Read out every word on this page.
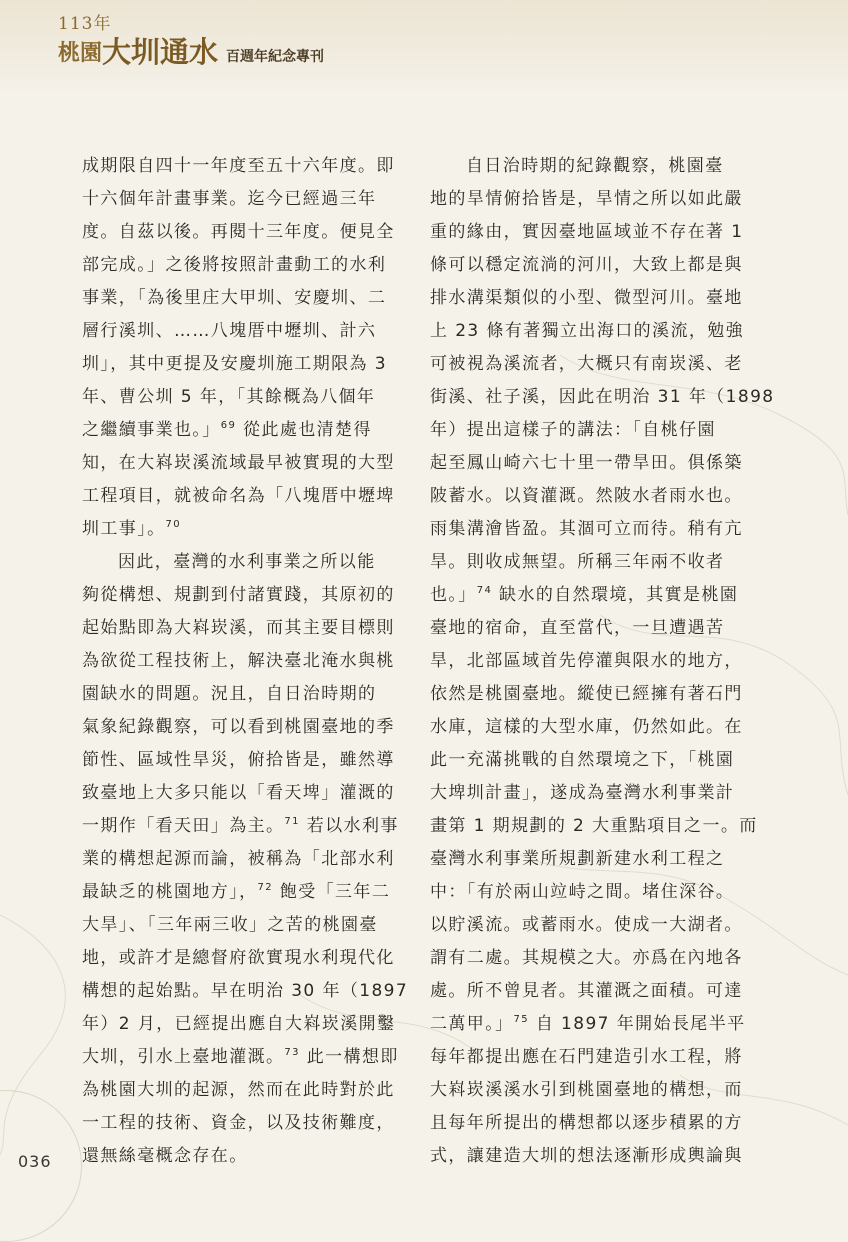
113年
桃園 大圳通水 百週年紀念專刊

成期限自四十一年度至五十六年度。即
十六個年計畫事業。迄今已經過三年
度。自茲以後。再閱十三年度。便見全
部完成。」之後將按照計畫動工的水利
事業，「為後里庄大甲圳、安慶圳、二
層行溪圳、……八塊厝中壢圳、計六
圳」，其中更提及安慶圳施工期限為 3
年、曹公圳 5 年，「其餘概為八個年
之繼續事業也。」$^{69}$ 從此處也清楚得
知，在大嵙崁溪流域最早被實現的大型
工程項目，就被命名為「八塊厝中壢埤
圳工事」。$^{70}$
因此，臺灣的水利事業之所以能
夠從構想、規劃到付諸實踐，其原初的
起始點即為大嵙崁溪，而其主要目標則
為欲從工程技術上，解決臺北淹水與桃
園缺水的問題。況且，自日治時期的
氣象紀錄觀察，可以看到桃園臺地的季
節性、區域性旱災，俯拾皆是，雖然導
致臺地上大多只能以「看天埤」灌溉的
一期作「看天田」為主。$^{71}$ 若以水利事
業的構想起源而論，被稱為「北部水利
最缺乏的桃園地方」，$^{72}$ 飽受「三年二
大旱」、「三年兩三收」之苦的桃園臺
地，或許才是總督府欲實現水利現代化
構想的起始點。早在明治 30 年（1897
年）2 月，已經提出應自大嵙崁溪開鑿
大圳，引水上臺地灌溉。$^{73}$ 此一構想即
為桃園大圳的起源，然而在此時對於此
一工程的技術、資金，以及技術難度，
還無絲毫概念存在。

自日治時期的紀錄觀察，桃園臺
地的旱情俯拾皆是，旱情之所以如此嚴
重的緣由，實因臺地區域並不存在著 1
條可以穩定流淌的河川，大致上都是與
排水溝渠類似的小型、微型河川。臺地
上 23 條有著獨立出海口的溪流，勉強
可被視為溪流者，大概只有南崁溪、老
街溪、社子溪，因此在明治 31 年（1898
年）提出這樣子的講法：「自桃仔園
起至鳳山崎六七十里一帶旱田。俱係築
陂蓄水。以資灌溉。然陂水者雨水也。
雨集溝澮皆盈。其涸可立而待。稍有亢
旱。則收成無望。所稱三年兩不收者
也。」$^{74}$ 缺水的自然環境，其實是桃園
臺地的宿命，直至當代，一旦遭遇苦
旱，北部區域首先停灌與限水的地方，
依然是桃園臺地。縱使已經擁有著石門
水庫，這樣的大型水庫，仍然如此。在
此一充滿挑戰的自然環境之下，「桃園
大埤圳計畫」，遂成為臺灣水利事業計
畫第 1 期規劃的 2 大重點項目之一。而
臺灣水利事業所規劃新建水利工程之
中：「有於兩山竝峙之間。堵住深谷。
以貯溪流。或蓄雨水。使成一大湖者。
謂有二處。其規模之大。亦爲在內地各
處。所不曾見者。其灌溉之面積。可達
二萬甲。」$^{75}$ 自 1897 年開始長尾半平
每年都提出應在石門建造引水工程，將
大嵙崁溪溪水引到桃園臺地的構想，而
且每年所提出的構想都以逐步積累的方
式，讓建造大圳的想法逐漸形成輿論與

036
